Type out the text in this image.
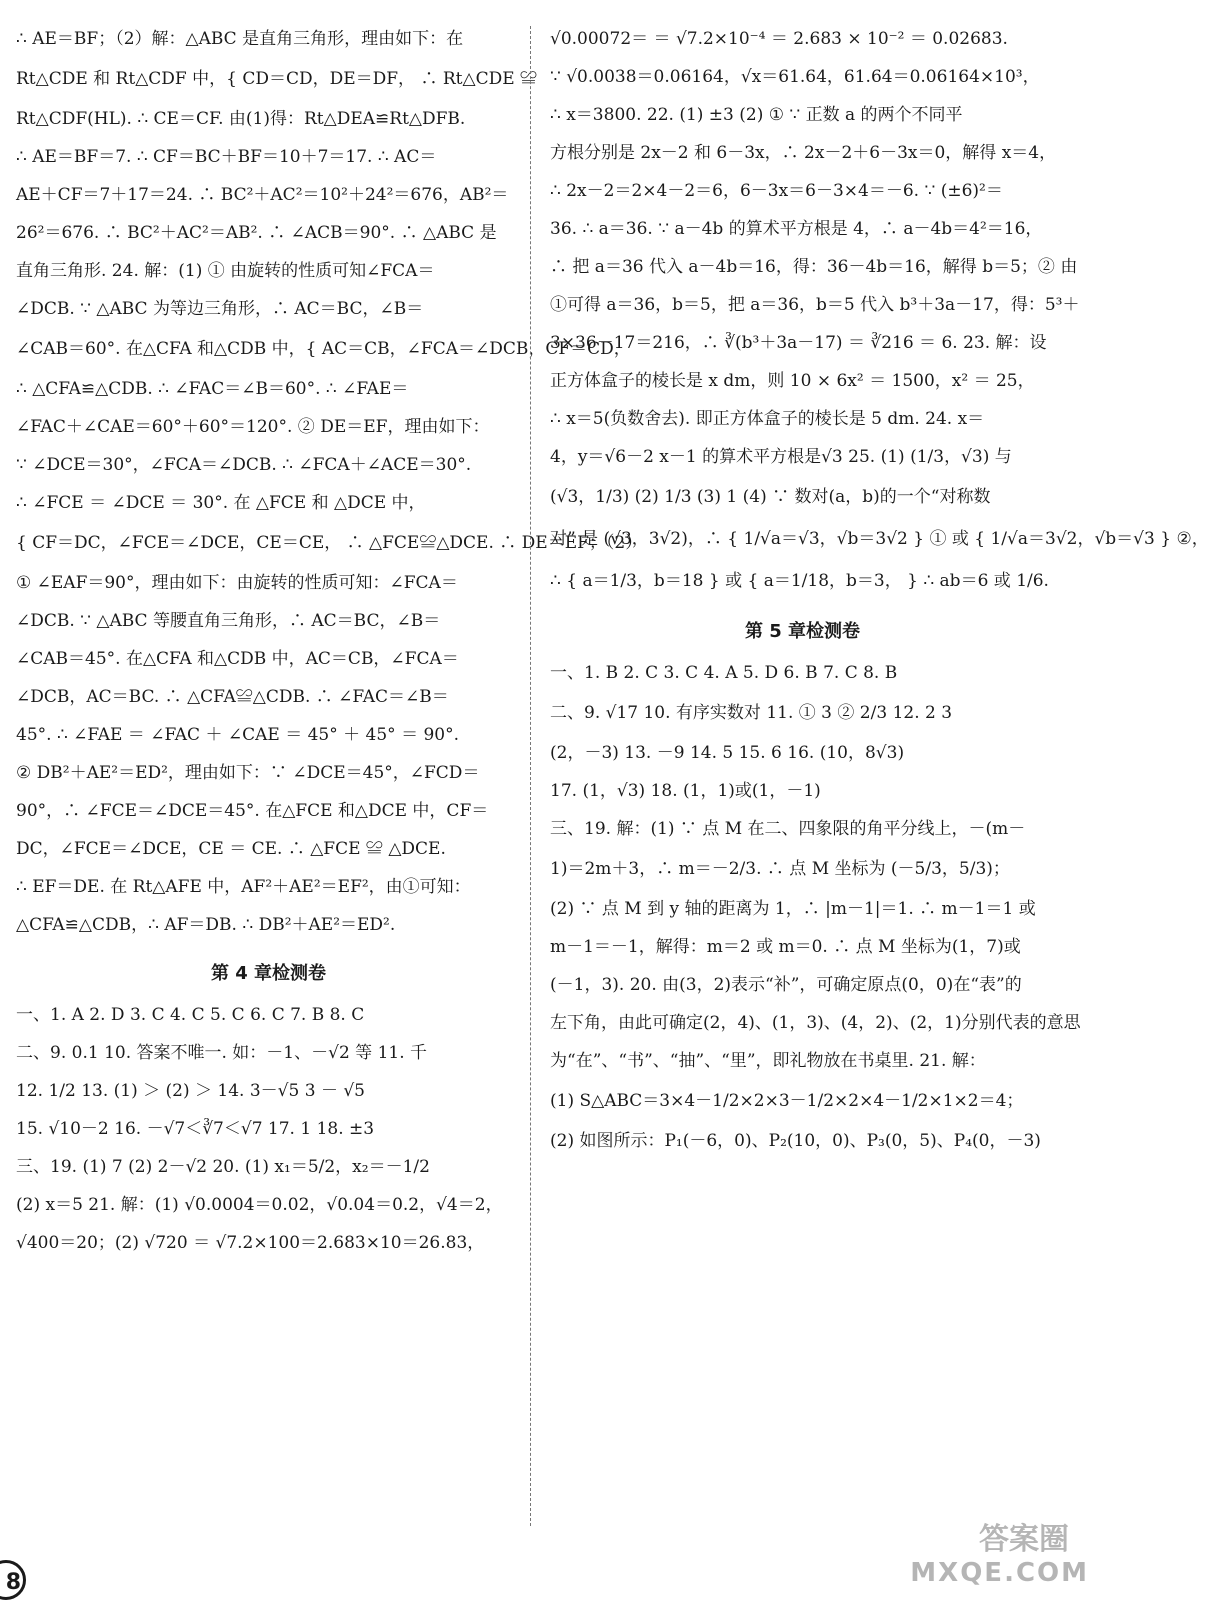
∴ AE＝BF；（2）解：△ABC 是直角三角形，理由如下：在
Rt△CDE 和 Rt△CDF 中，{ CD＝CD，DE＝DF， ∴ Rt△CDE ≌
Rt△CDF(HL). ∴ CE＝CF. 由(1)得：Rt△DEA≌Rt△DFB.
∴ AE＝BF＝7. ∴ CF＝BC＋BF＝10＋7＝17. ∴ AC＝
AE＋CF＝7＋17＝24. ∴ BC²＋AC²＝10²＋24²＝676，AB²＝
26²＝676. ∴ BC²＋AC²＝AB². ∴ ∠ACB＝90°. ∴ △ABC 是
直角三角形. 24. 解：(1) ① 由旋转的性质可知∠FCA＝
∠DCB. ∵ △ABC 为等边三角形，∴ AC＝BC，∠B＝
∠CAB＝60°. 在△CFA 和△CDB 中，{ AC＝CB，∠FCA＝∠DCB，CF＝CD，
∴ △CFA≌△CDB. ∴ ∠FAC＝∠B＝60°. ∴ ∠FAE＝
∠FAC＋∠CAE＝60°＋60°＝120°. ② DE＝EF，理由如下：
∵ ∠DCE＝30°，∠FCA＝∠DCB. ∴ ∠FCA＋∠ACE＝30°.
∴ ∠FCE ＝ ∠DCE ＝ 30°. 在 △FCE 和 △DCE 中，
{ CF＝DC，∠FCE＝∠DCE，CE＝CE， ∴ △FCE≌△DCE. ∴ DE＝EF；（2）
① ∠EAF＝90°，理由如下：由旋转的性质可知：∠FCA＝
∠DCB. ∵ △ABC 等腰直角三角形，∴ AC＝BC，∠B＝
∠CAB＝45°. 在△CFA 和△CDB 中，AC＝CB，∠FCA＝
∠DCB，AC＝BC. ∴ △CFA≌△CDB. ∴ ∠FAC＝∠B＝
45°. ∴ ∠FAE ＝ ∠FAC ＋ ∠CAE ＝ 45° ＋ 45° ＝ 90°.
② DB²＋AE²＝ED²，理由如下：∵ ∠DCE＝45°，∠FCD＝
90°，∴ ∠FCE＝∠DCE＝45°. 在△FCE 和△DCE 中，CF＝
DC，∠FCE＝∠DCE，CE ＝ CE. ∴ △FCE ≌ △DCE.
∴ EF＝DE. 在 Rt△AFE 中，AF²＋AE²＝EF²，由①可知：
△CFA≌△CDB，∴ AF＝DB. ∴ DB²＋AE²＝ED².
第 4 章检测卷
一、1. A 2. D 3. C 4. C 5. C 6. C 7. B 8. C
二、9. 0.1 10. 答案不唯一. 如：－1、－√2 等 11. 千
12. 1/2 13. (1) ＞ (2) ＞ 14. 3－√5 3 － √5
15. √10－2 16. －√7＜∛7＜√7 17. 1 18. ±3
三、19. (1) 7 (2) 2－√2 20. (1) x₁＝5/2，x₂＝－1/2
(2) x＝5 21. 解：(1) √0.0004＝0.02，√0.04＝0.2，√4＝2，
√400＝20；(2) √720 ＝ √7.2×100＝2.683×10＝26.83，
√0.00072＝ ＝ √7.2×10⁻⁴ ＝ 2.683 × 10⁻² ＝ 0.02683.
∵ √0.0038＝0.06164，√x＝61.64，61.64＝0.06164×10³，
∴ x＝3800. 22. (1) ±3 (2) ① ∵ 正数 a 的两个不同平
方根分别是 2x－2 和 6－3x，∴ 2x－2＋6－3x＝0，解得 x＝4，
∴ 2x－2＝2×4－2＝6，6－3x＝6－3×4＝－6. ∵ (±6)²＝
36. ∴ a＝36. ∵ a－4b 的算术平方根是 4，∴ a－4b＝4²＝16，
∴ 把 a＝36 代入 a－4b＝16，得：36－4b＝16，解得 b＝5；② 由
①可得 a＝36，b＝5，把 a＝36，b＝5 代入 b³＋3a－17，得：5³＋
3×36－17＝216，∴ ∛(b³＋3a－17) ＝ ∛216 ＝ 6. 23. 解：设
正方体盒子的棱长是 x dm，则 10 × 6x² ＝ 1500，x² ＝ 25，
∴ x＝5(负数舍去). 即正方体盒子的棱长是 5 dm. 24. x＝
4，y＝√6－2 x－1 的算术平方根是√3 25. (1) (1/3，√3) 与
(√3，1/3) (2) 1/3 (3) 1 (4) ∵ 数对(a，b)的一个“对称数
对” 是 (√3，3√2)，∴ { 1/√a＝√3，√b＝3√2 } ① 或 { 1/√a＝3√2，√b＝√3 } ②，
∴ { a＝1/3，b＝18 } 或 { a＝1/18，b＝3， } ∴ ab＝6 或 1/6.
第 5 章检测卷
一、1. B 2. C 3. C 4. A 5. D 6. B 7. C 8. B
二、9. √17 10. 有序实数对 11. ① 3 ② 2/3 12. 2 3
(2，－3) 13. －9 14. 5 15. 6 16. (10，8√3)
17. (1，√3) 18. (1，1)或(1，－1)
三、19. 解：(1) ∵ 点 M 在二、四象限的角平分线上，－(m－
1)＝2m＋3，∴ m＝－2/3. ∴ 点 M 坐标为 (－5/3，5/3)；
(2) ∵ 点 M 到 y 轴的距离为 1，∴ |m－1|＝1. ∴ m－1＝1 或
m－1＝－1，解得：m＝2 或 m＝0. ∴ 点 M 坐标为(1，7)或
(－1，3). 20. 由(3，2)表示“补”，可确定原点(0，0)在“表”的
左下角，由此可确定(2，4)、(1，3)、(4，2)、(2，1)分别代表的意思
为“在”、“书”、“抽”、“里”，即礼物放在书桌里. 21. 解：
(1) S△ABC＝3×4－1/2×2×3－1/2×2×4－1/2×1×2＝4；
(2) 如图所示：P₁(－6，0)、P₂(10，0)、P₃(0，5)、P₄(0，－3)
8
答案圈
MXQE.COM
